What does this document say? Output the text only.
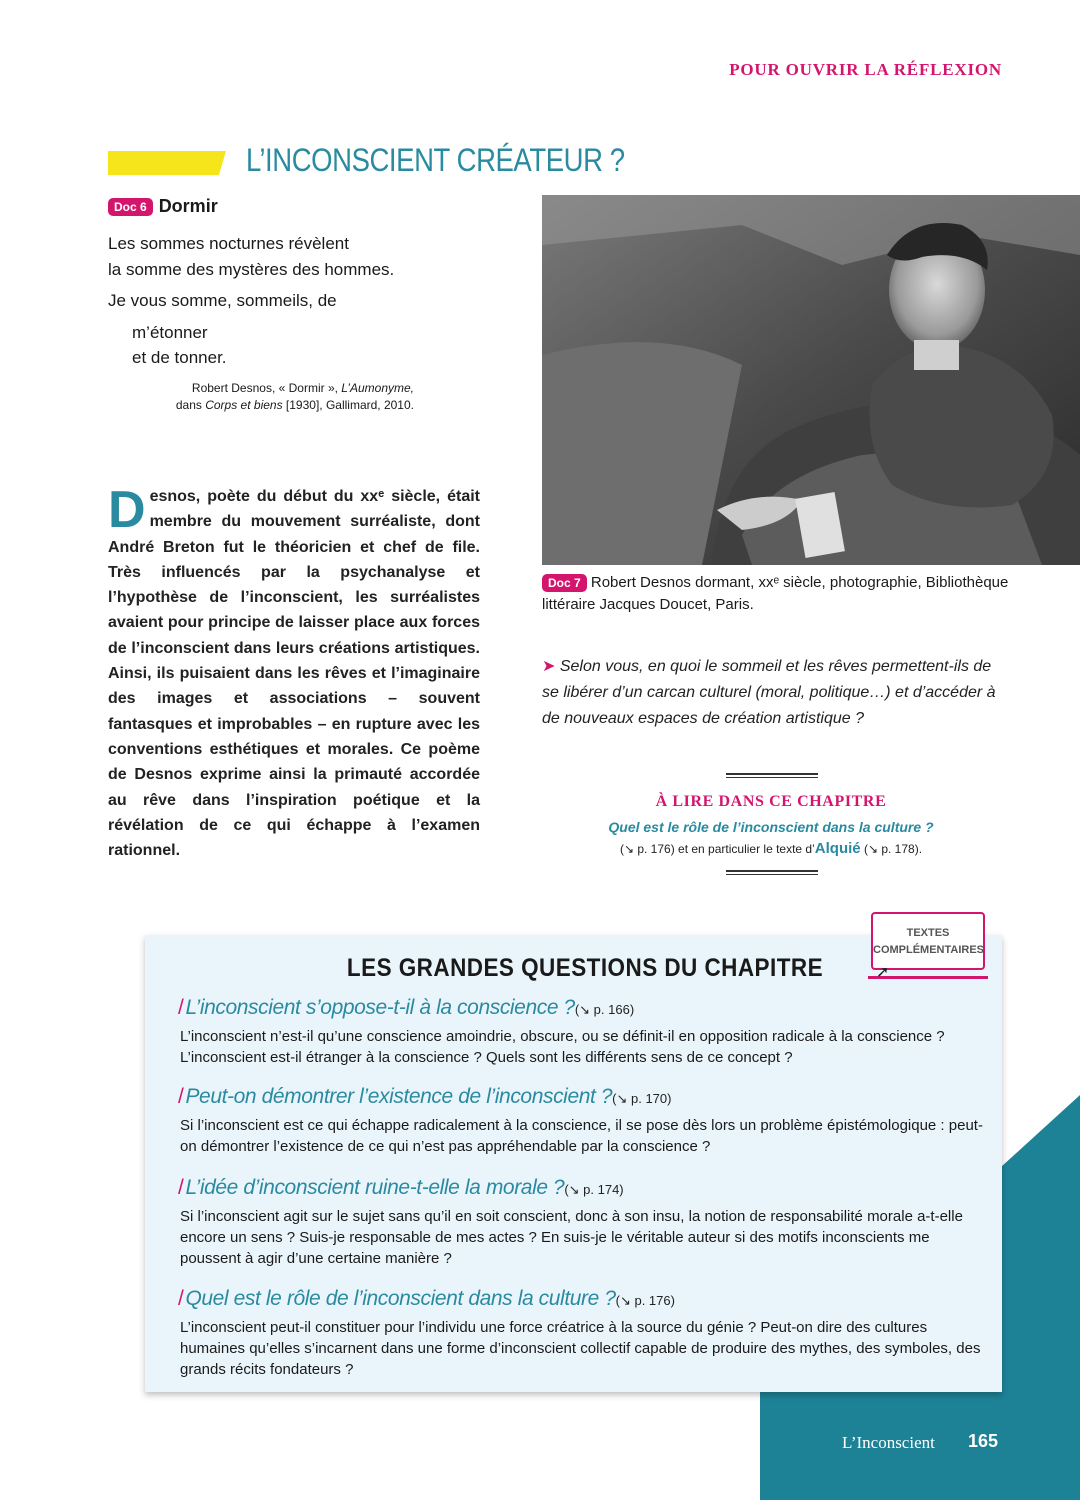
POUR OUVRIR LA RÉFLEXION
L’INCONSCIENT CRÉATEUR ?
Doc 6 Dormir
Les sommes nocturnes révèlent
la somme des mystères des hommes.
Je vous somme, sommeils, de
m’étonner
et de tonner.
Robert Desnos, « Dormir », L’Aumonyme,
dans Corps et biens [1930], Gallimard, 2010.
Desnos, poète du début du xxᵉ siècle, était membre du mouvement surréaliste, dont André Breton fut le théoricien et chef de file. Très influencés par la psychanalyse et l’hypothèse de l’inconscient, les surréalistes avaient pour principe de laisser place aux forces de l’inconscient dans leurs créations artistiques. Ainsi, ils puisaient dans les rêves et l’imaginaire des images et associations – souvent fantasques et improbables – en rupture avec les conventions esthétiques et morales. Ce poème de Desnos exprime ainsi la primauté accordée au rêve dans l’inspiration poétique et la révélation de ce qui échappe à l’examen rationnel.
Doc 7 Robert Desnos dormant, xxᵉ siècle, photographie, Bibliothèque littéraire Jacques Doucet, Paris.
➤ Selon vous, en quoi le sommeil et les rêves permettent-ils de se libérer d’un carcan culturel (moral, politique…) et d’accéder à de nouveaux espaces de création artistique ?
À LIRE DANS CE CHAPITRE
Quel est le rôle de l’inconscient dans la culture ?
(↘ p. 176) et en particulier le texte d’Alquié (↘ p. 178).
LES GRANDES QUESTIONS DU CHAPITRE
TEXTES
COMPLÉMENTAIRES
➚
/L’inconscient s’oppose-t-il à la conscience ?(↘ p. 166)
L’inconscient n’est-il qu’une conscience amoindrie, obscure, ou se définit-il en opposition radicale à la conscience ? L’inconscient est-il étranger à la conscience ? Quels sont les différents sens de ce concept ?
/Peut-on démontrer l’existence de l’inconscient ?(↘ p. 170)
Si l’inconscient est ce qui échappe radicalement à la conscience, il se pose dès lors un problème épistémologique : peut-on démontrer l’existence de ce qui n’est pas appréhendable par la conscience ?
/L’idée d’inconscient ruine-t-elle la morale ?(↘ p. 174)
Si l’inconscient agit sur le sujet sans qu’il en soit conscient, donc à son insu, la notion de responsabilité morale a-t-elle encore un sens ? Suis-je responsable de mes actes ? En suis-je le véritable auteur si des motifs inconscients me poussent à agir d’une certaine manière ?
/Quel est le rôle de l’inconscient dans la culture ?(↘ p. 176)
L’inconscient peut-il constituer pour l’individu une force créatrice à la source du génie ? Peut-on dire des cultures humaines qu’elles s’incarnent dans une forme d’inconscient collectif capable de produire des mythes, des symboles, des grands récits fondateurs ?
L’Inconscient 165
